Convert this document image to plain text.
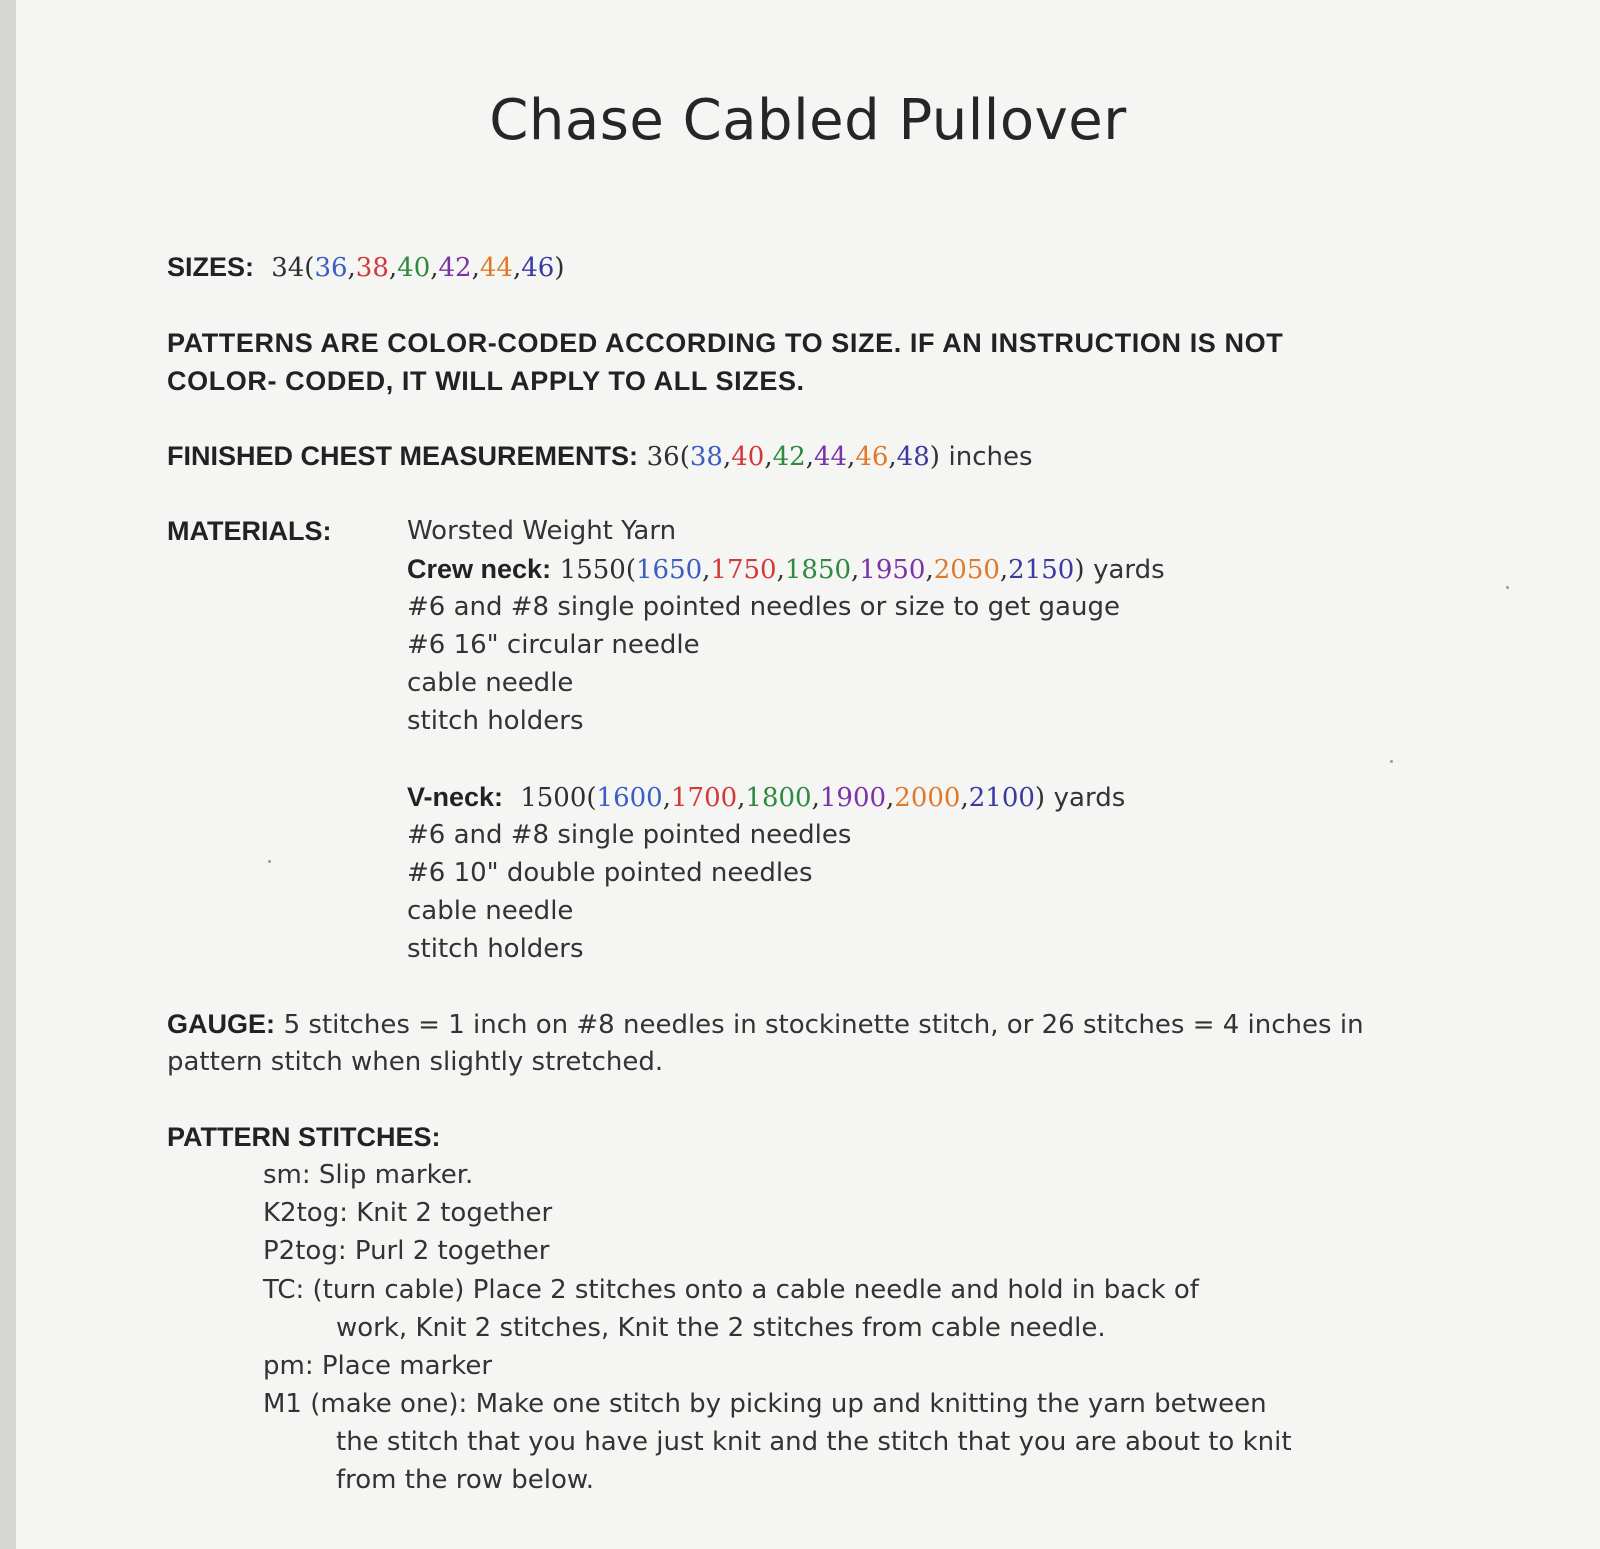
Chase Cabled Pullover
SIZES: 34(36,38,40,42,44,46)
PATTERNS ARE COLOR-CODED ACCORDING TO SIZE. IF AN INSTRUCTION IS NOT
COLOR- CODED, IT WILL APPLY TO ALL SIZES.
FINISHED CHEST MEASUREMENTS: 36(38,40,42,44,46,48) inches
MATERIALS:	Worsted Weight Yarn
Crew neck: 1550(1650,1750,1850,1950,2050,2150) yards
#6 and #8 single pointed needles or size to get gauge
#6 16" circular needle
cable needle
stitch holders
V-neck: 1500(1600,1700,1800,1900,2000,2100) yards
#6 and #8 single pointed needles
#6 10" double pointed needles
cable needle
stitch holders
GAUGE: 5 stitches = 1 inch on #8 needles in stockinette stitch, or 26 stitches = 4 inches in
pattern stitch when slightly stretched.
PATTERN STITCHES:
sm: Slip marker.
K2tog: Knit 2 together
P2tog: Purl 2 together
TC: (turn cable) Place 2 stitches onto a cable needle and hold in back of
work, Knit 2 stitches, Knit the 2 stitches from cable needle.
pm: Place marker
M1 (make one): Make one stitch by picking up and knitting the yarn between
the stitch that you have just knit and the stitch that you are about to knit
from the row below.
